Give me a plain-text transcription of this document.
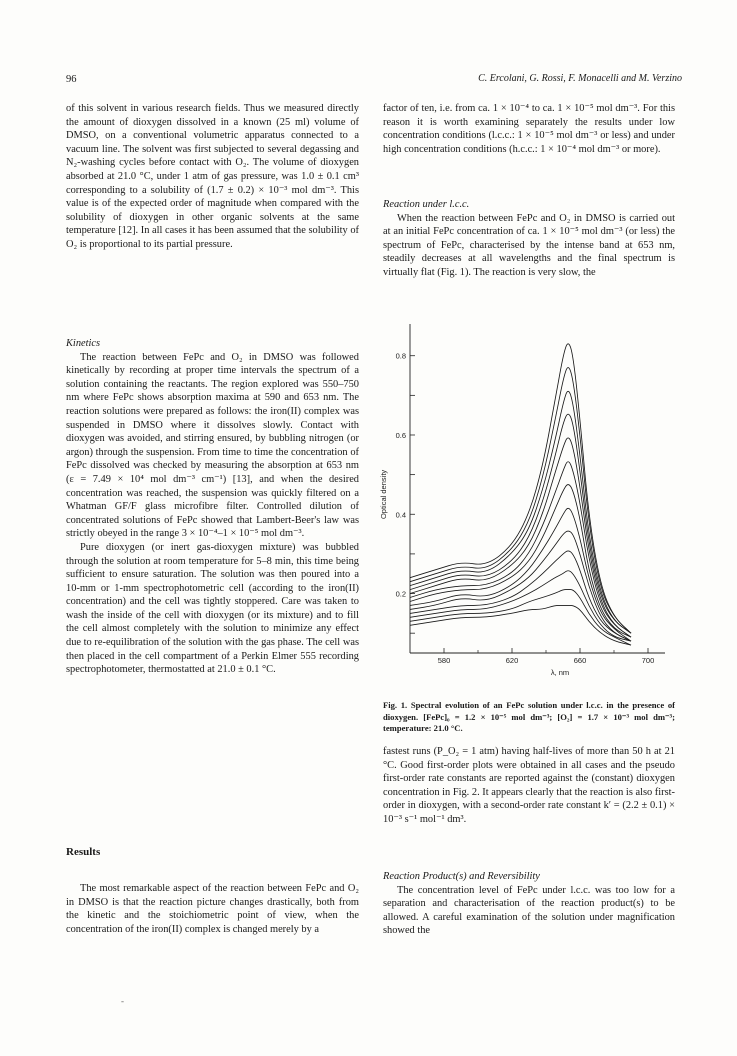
96	C. Ercolani, G. Rossi, F. Monacelli and M. Verzino

of this solvent in various research fields. Thus we measured directly the amount of dioxygen dissolved in a known (25 ml) volume of DMSO, on a conventional volumetric apparatus connected to a vacuum line. The solvent was first subjected to several degassing and N₂-washing cycles before contact with O₂. The volume of dioxygen absorbed at 21.0 °C, under 1 atm of gas pressure, was 1.0 ± 0.1 cm³ corresponding to a solubility of (1.7 ± 0.2) × 10⁻³ mol dm⁻³. This value is of the expected order of magnitude when compared with the solubility of dioxygen in other organic solvents at the same temperature [12]. In all cases it has been assumed that the solubility of O₂ is proportional to its partial pressure.

Kinetics

The reaction between FePc and O₂ in DMSO was followed kinetically by recording at proper time intervals the spectrum of a solution containing the reactants. The region explored was 550–750 nm where FePc shows absorption maxima at 590 and 653 nm. The reaction solutions were prepared as follows: the iron(II) complex was suspended in DMSO where it dissolves slowly. Contact with dioxygen was avoided, and stirring ensured, by bubbling nitrogen (or argon) through the suspension. From time to time the concentration of FePc dissolved was checked by measuring the absorption at 653 nm (ε = 7.49 × 10⁴ mol dm⁻³ cm⁻¹) [13], and when the desired concentration was reached, the suspension was quickly filtered on a Whatman GF/F glass microfibre filter. Controlled dilution of concentrated solutions of FePc showed that Lambert-Beer's law was strictly obeyed in the range 3 × 10⁻⁴–1 × 10⁻⁵ mol dm⁻³.

Pure dioxygen (or inert gas-dioxygen mixture) was bubbled through the solution at room temperature for 5–8 min, this time being sufficient to ensure saturation. The solution was then poured into a 10-mm or 1-mm spectrophotometric cell (according to the iron(II) concentration) and the cell was tightly stoppered. Care was taken to wash the inside of the cell with dioxygen (or its mixture) and to fill the cell almost completely with the solution to minimize any effect due to re-equilibration of the solution with the gas phase. The cell was then placed in the cell compartment of a Perkin Elmer 555 recording spectrophotometer, thermostatted at 21.0 ± 0.1 °C.

Results

The most remarkable aspect of the reaction between FePc and O₂ in DMSO is that the reaction picture changes drastically, both from the kinetic and the stoichiometric point of view, when the concentration of the iron(II) complex is changed merely by a

factor of ten, i.e. from ca. 1 × 10⁻⁴ to ca. 1 × 10⁻⁵ mol dm⁻³. For this reason it is worth examining separately the results under low concentration conditions (l.c.c.: 1 × 10⁻⁵ mol dm⁻³ or less) and under high concentration conditions (h.c.c.: 1 × 10⁻⁴ mol dm⁻³ or more).

Reaction under l.c.c.

When the reaction between FePc and O₂ in DMSO is carried out at an initial FePc concentration of ca. 1 × 10⁻⁵ mol dm⁻³ (or less) the spectrum of FePc, characterised by the intense band at 653 nm, steadily decreases at all wavelengths and the final spectrum is virtually flat (Fig. 1). The reaction is very slow, the

0.2
0.4
0.6
0.8
580	620	660	700
λ, nm
Optical density
Fig. 1. Spectral evolution of an FePc solution under l.c.c. in the presence of dioxygen. [FePc]₀ = 1.2 × 10⁻⁵ mol dm⁻³; [O₂] = 1.7 × 10⁻³ mol dm⁻³; temperature: 21.0 °C.

fastest runs (P_O₂ = 1 atm) having half-lives of more than 50 h at 21 °C. Good first-order plots were obtained in all cases and the pseudo first-order rate constants are reported against the (constant) dioxygen concentration in Fig. 2. It appears clearly that the reaction is also first-order in dioxygen, with a second-order rate constant k′ = (2.2 ± 0.1) × 10⁻³ s⁻¹ mol⁻¹ dm³.

Reaction Product(s) and Reversibility

The concentration level of FePc under l.c.c. was too low for a separation and characterisation of the reaction product(s) to be allowed. A careful examination of the solution under magnification showed the

-
